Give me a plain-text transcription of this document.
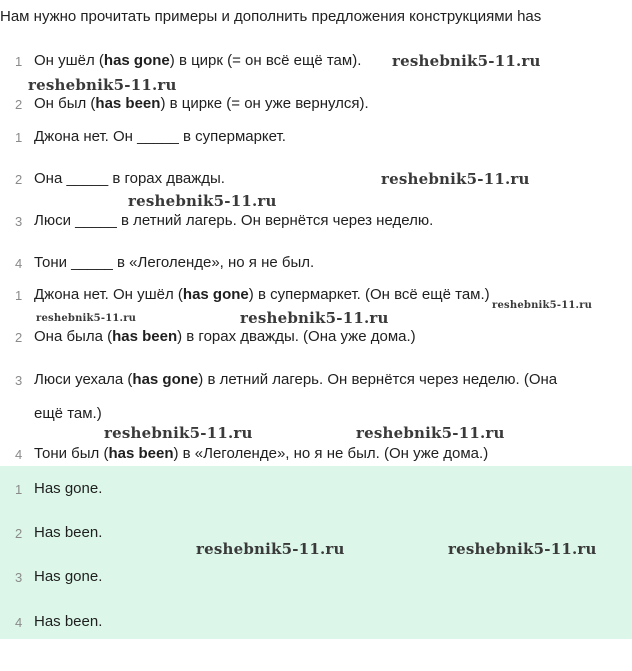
Нам нужно прочитать примеры и дополнить предложения конструкциями has
1 Он ушёл (has gone) в цирк (= он всё ещё там).
2 Он был (has been) в цирке (= он уже вернулся).
1 Джона нет. Он _____ в супермаркет.
2 Она _____ в горах дважды.
3 Люси _____ в летний лагерь. Он вернётся через неделю.
4 Тони _____ в «Леголенде», но я не был.
1 Джона нет. Он ушёл (has gone) в супермаркет. (Он всё ещё там.)
2 Она была (has been) в горах дважды. (Она уже дома.)
3 Люси уехала (has gone) в летний лагерь. Он вернётся через неделю. (Она
ещё там.)
4 Тони был (has been) в «Леголенде», но я не был. (Он уже дома.)
1 Has gone.
2 Has been.
3 Has gone.
4 Has been.
reshebnik5-11.ru
reshebnik5-11.ru
reshebnik5-11.ru
reshebnik5-11.ru
reshebnik5-11.ru
reshebnik5-11.ru	reshebnik5-11.ru
reshebnik5-11.ru	reshebnik5-11.ru
reshebnik5-11.ru	reshebnik5-11.ru
